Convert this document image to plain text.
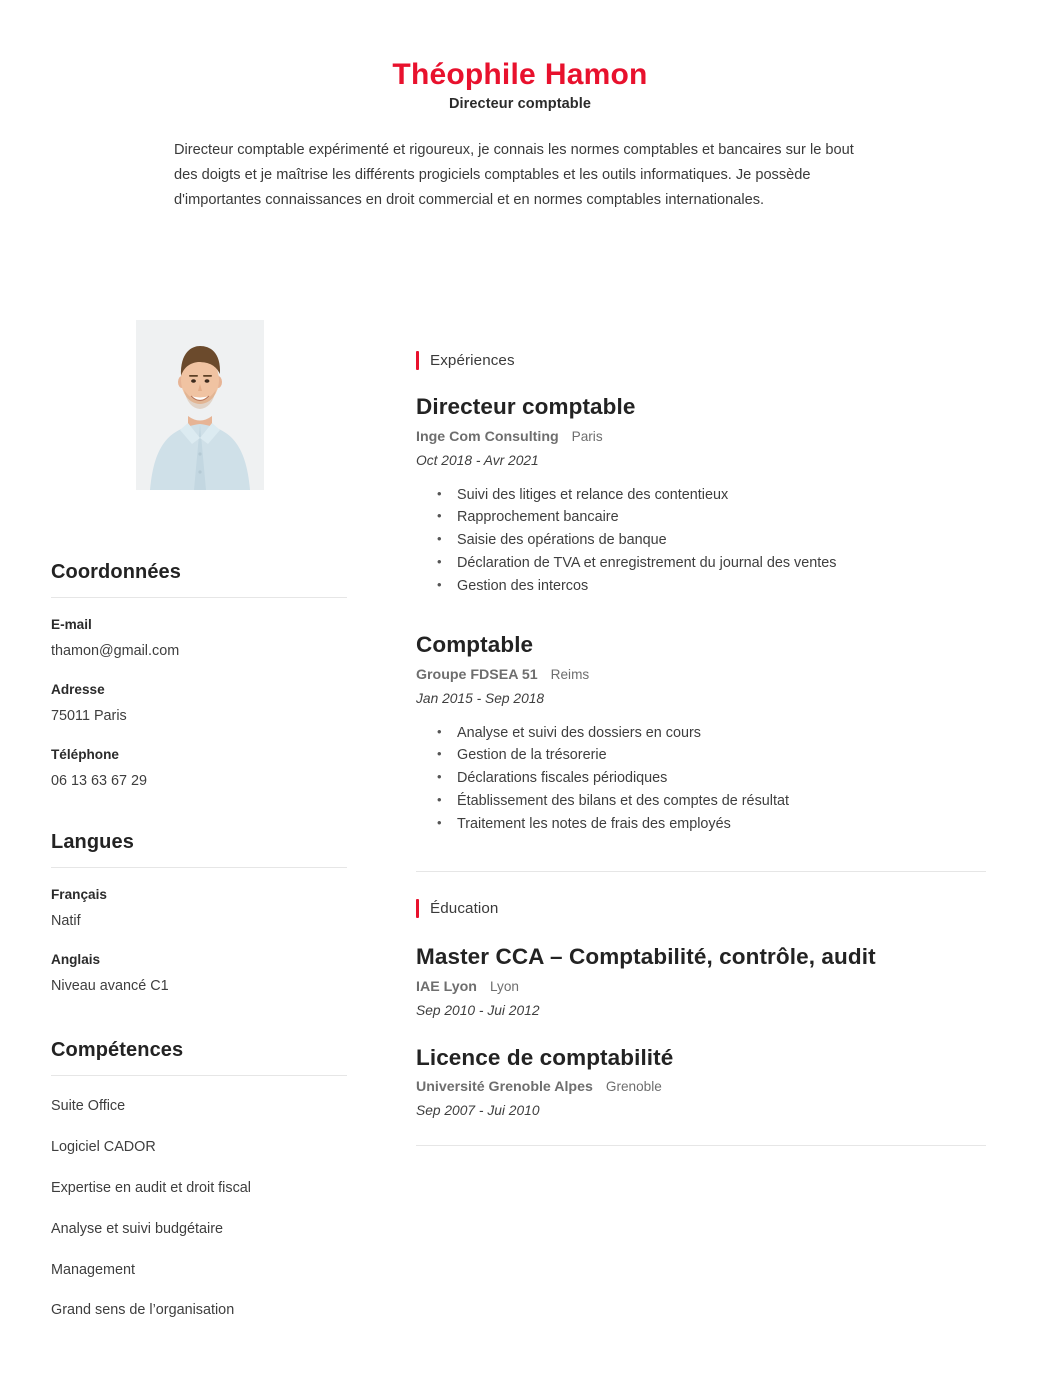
Théophile Hamon
Directeur comptable

Directeur comptable expérimenté et rigoureux, je connais les normes comptables et bancaires sur le bout des doigts et je maîtrise les différents progiciels comptables et les outils informatiques. Je possède d'importantes connaissances en droit commercial et en normes comptables internationales.

Coordonnées
E-mail
thamon@gmail.com
Adresse
75011 Paris
Téléphone
06 13 63 67 29
Langues
Français
Natif
Anglais
Niveau avancé C1
Compétences
Suite Office
Logiciel CADOR
Expertise en audit et droit fiscal
Analyse et suivi budgétaire
Management
Grand sens de l’organisation
Expériences
Directeur comptable
Inge Com Consulting Paris
Oct 2018 - Avr 2021
• Suivi des litiges et relance des contentieux
• Rapprochement bancaire
• Saisie des opérations de banque
• Déclaration de TVA et enregistrement du journal des ventes
• Gestion des intercos
Comptable
Groupe FDSEA 51 Reims
Jan 2015 - Sep 2018
• Analyse et suivi des dossiers en cours
• Gestion de la trésorerie
• Déclarations fiscales périodiques
• Établissement des bilans et des comptes de résultat
• Traitement les notes de frais des employés
Éducation
Master CCA – Comptabilité, contrôle, audit
IAE Lyon Lyon
Sep 2010 - Jui 2012
Licence de comptabilité
Université Grenoble Alpes Grenoble
Sep 2007 - Jui 2010
